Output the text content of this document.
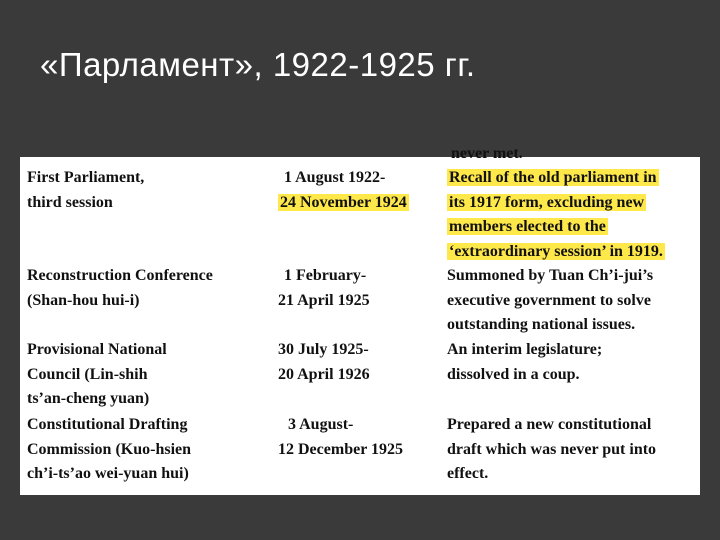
«Парламент», 1922-1925 гг.
never met.
First Parliament,
third session
1 August 1922-
24 November 1924
Recall of the old parliament in
its 1917 form, excluding new
members elected to the
‘extraordinary session’ in 1919.
Reconstruction Conference
(Shan-hou hui-i)
1 February-
21 April 1925
Summoned by Tuan Ch’i-jui’s
executive government to solve
outstanding national issues.
Provisional National
Council (Lin-shih
ts’an-cheng yuan)
30 July 1925-
20 April 1926
An interim legislature;
dissolved in a coup.
Constitutional Drafting
Commission (Kuo-hsien
ch’i-ts’ao wei-yuan hui)
3 August-
12 December 1925
Prepared a new constitutional
draft which was never put into
effect.
